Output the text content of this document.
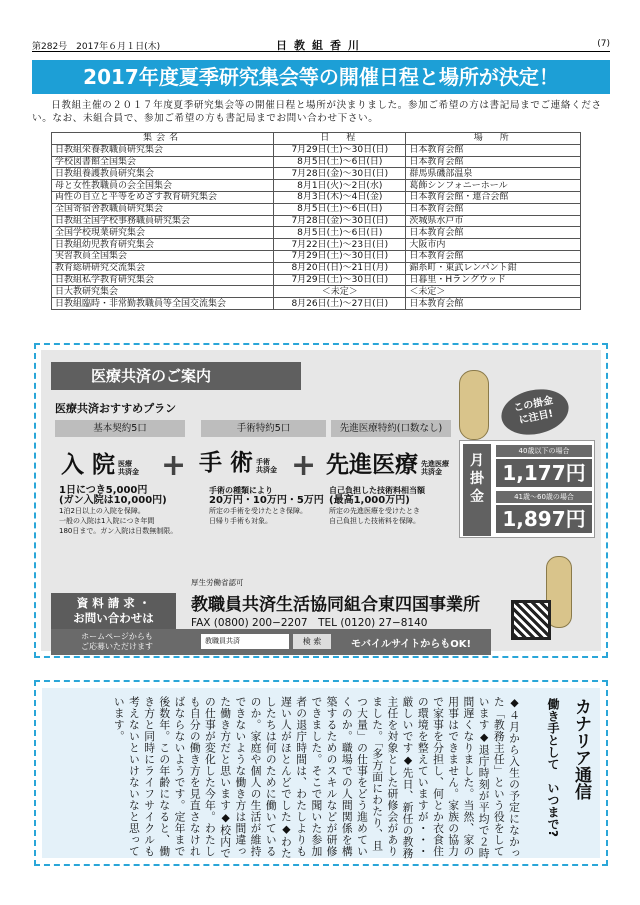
第282号　2017年６月１日(木)	日教組香川	(7)
2017年度夏季研究集会等の開催日程と場所が決定！

日教組主催の２０１７年度夏季研究集会等の開催日程と場所が決まりました。参加ご希望の方は書記局までご連絡ください。なお、未組合員で、参加ご希望の方も書記局までお問い合わせ下さい。

集会名	日　程	場　所
日教組栄養教職員研究集会	7月29日(土)〜30日(日)	日本教育会館
学校図書館全国集会	8月5日(土)〜6日(日)	日本教育会館
日教組養護教員研究集会	7月28日(金)〜30日(日)	群馬県磯部温泉
母と女性教職員の会全国集会	8月1日(火)〜2日(水)	葛飾シンフォニーホール
両性の自立と平等をめざす教育研究集会	8月3日(木)〜4日(金)	日本教育会館・連合会館
全国寄宿舎教職員研究集会	8月5日(土)〜6日(日)	日本教育会館
日教組全国学校事務職員研究集会	7月28日(金)〜30日(日)	茨城県水戸市
全国学校現業研究集会	8月5日(土)〜6日(日)	日本教育会館
日教組幼児教育研究集会	7月22日(土)〜23日(日)	大阪市内
実習教員全国集会	7月29日(土)〜30日(日)	日本教育会館
教育総研研究交流集会	8月20日(日)〜21日(月)	錦糸町・東武レンパント鉗
日教組私学教育研究集会	7月29日(土)〜30日(日)	日暮里・Hラングウッド
日大教研究集会	＜未定＞	＜未定＞
日教組臨時・非常勤教職員等全国交流集会	8月26日(土)〜27日(日)	日本教育会館
医療共済のご案内
医療共済おすすめプラン
基本契約5口	手術特約5口	先進医療特約(口数なし)
入 院 医療
共済金 + 手 術 手術
共済金 + 先進医療 先進医療
共済金
1日につき5,000円
(ガン入院は10,000円)
1泊2日以上の入院を保障。
一般の入院は1入院につき年間
180日まで。ガン入院は日数無制限。
手術の種類により
20万円・10万円・5万円
所定の手術を受けたとき保障。
日帰り手術も対象。
自己負担した技術料相当額
(最高1,000万円)
所定の先進医療を受けたとき
自己負担した技術料を保障。
この掛金
に注目!
月
掛
金
40歳以下の場合
1,177円
41歳〜60歳の場合
1,897円
資 料 請 求 ・
お問い合わせは
厚生労働省認可
教職員共済生活協同組合東四国事業所
FAX (0800) 200−2207　TEL (0120) 27−8140
ホームページからも
ご応募いただけます
教職員共済	検 索	モバイルサイトからもOK!
カナリア通信
働き手として　いつまで?
◆４月から入生の予定になかった「教務主任」という役をしています◆退庁時刻が平均で２時間遅くなりました。当然、家の用事はできません。家族の協力で家事を分担し、何とか衣食住の環境を整えていますが・・・厳しいです◆先日、新任の教務主任を対象とした研修会がありました。「多方面にわたり、且つ大量」の仕事をどう進めていくのか。職場での人間関係を構築するためのスキルなどが研修できました。そこで聞いた参加者の退庁時間は、わたしよりも遅い人がほとんどでした◆わたしたちは何のために働いているのか。家庭や個人の生活が維持できないような働き方は間違った働き方だと思います◆校内での仕事が変化した今年。わたしも自分の働き方を見直さなければならないようです。定年まで後数年。この年齢になると、働き方と同時にライフサイクルも考えないといけないなと思っています。
